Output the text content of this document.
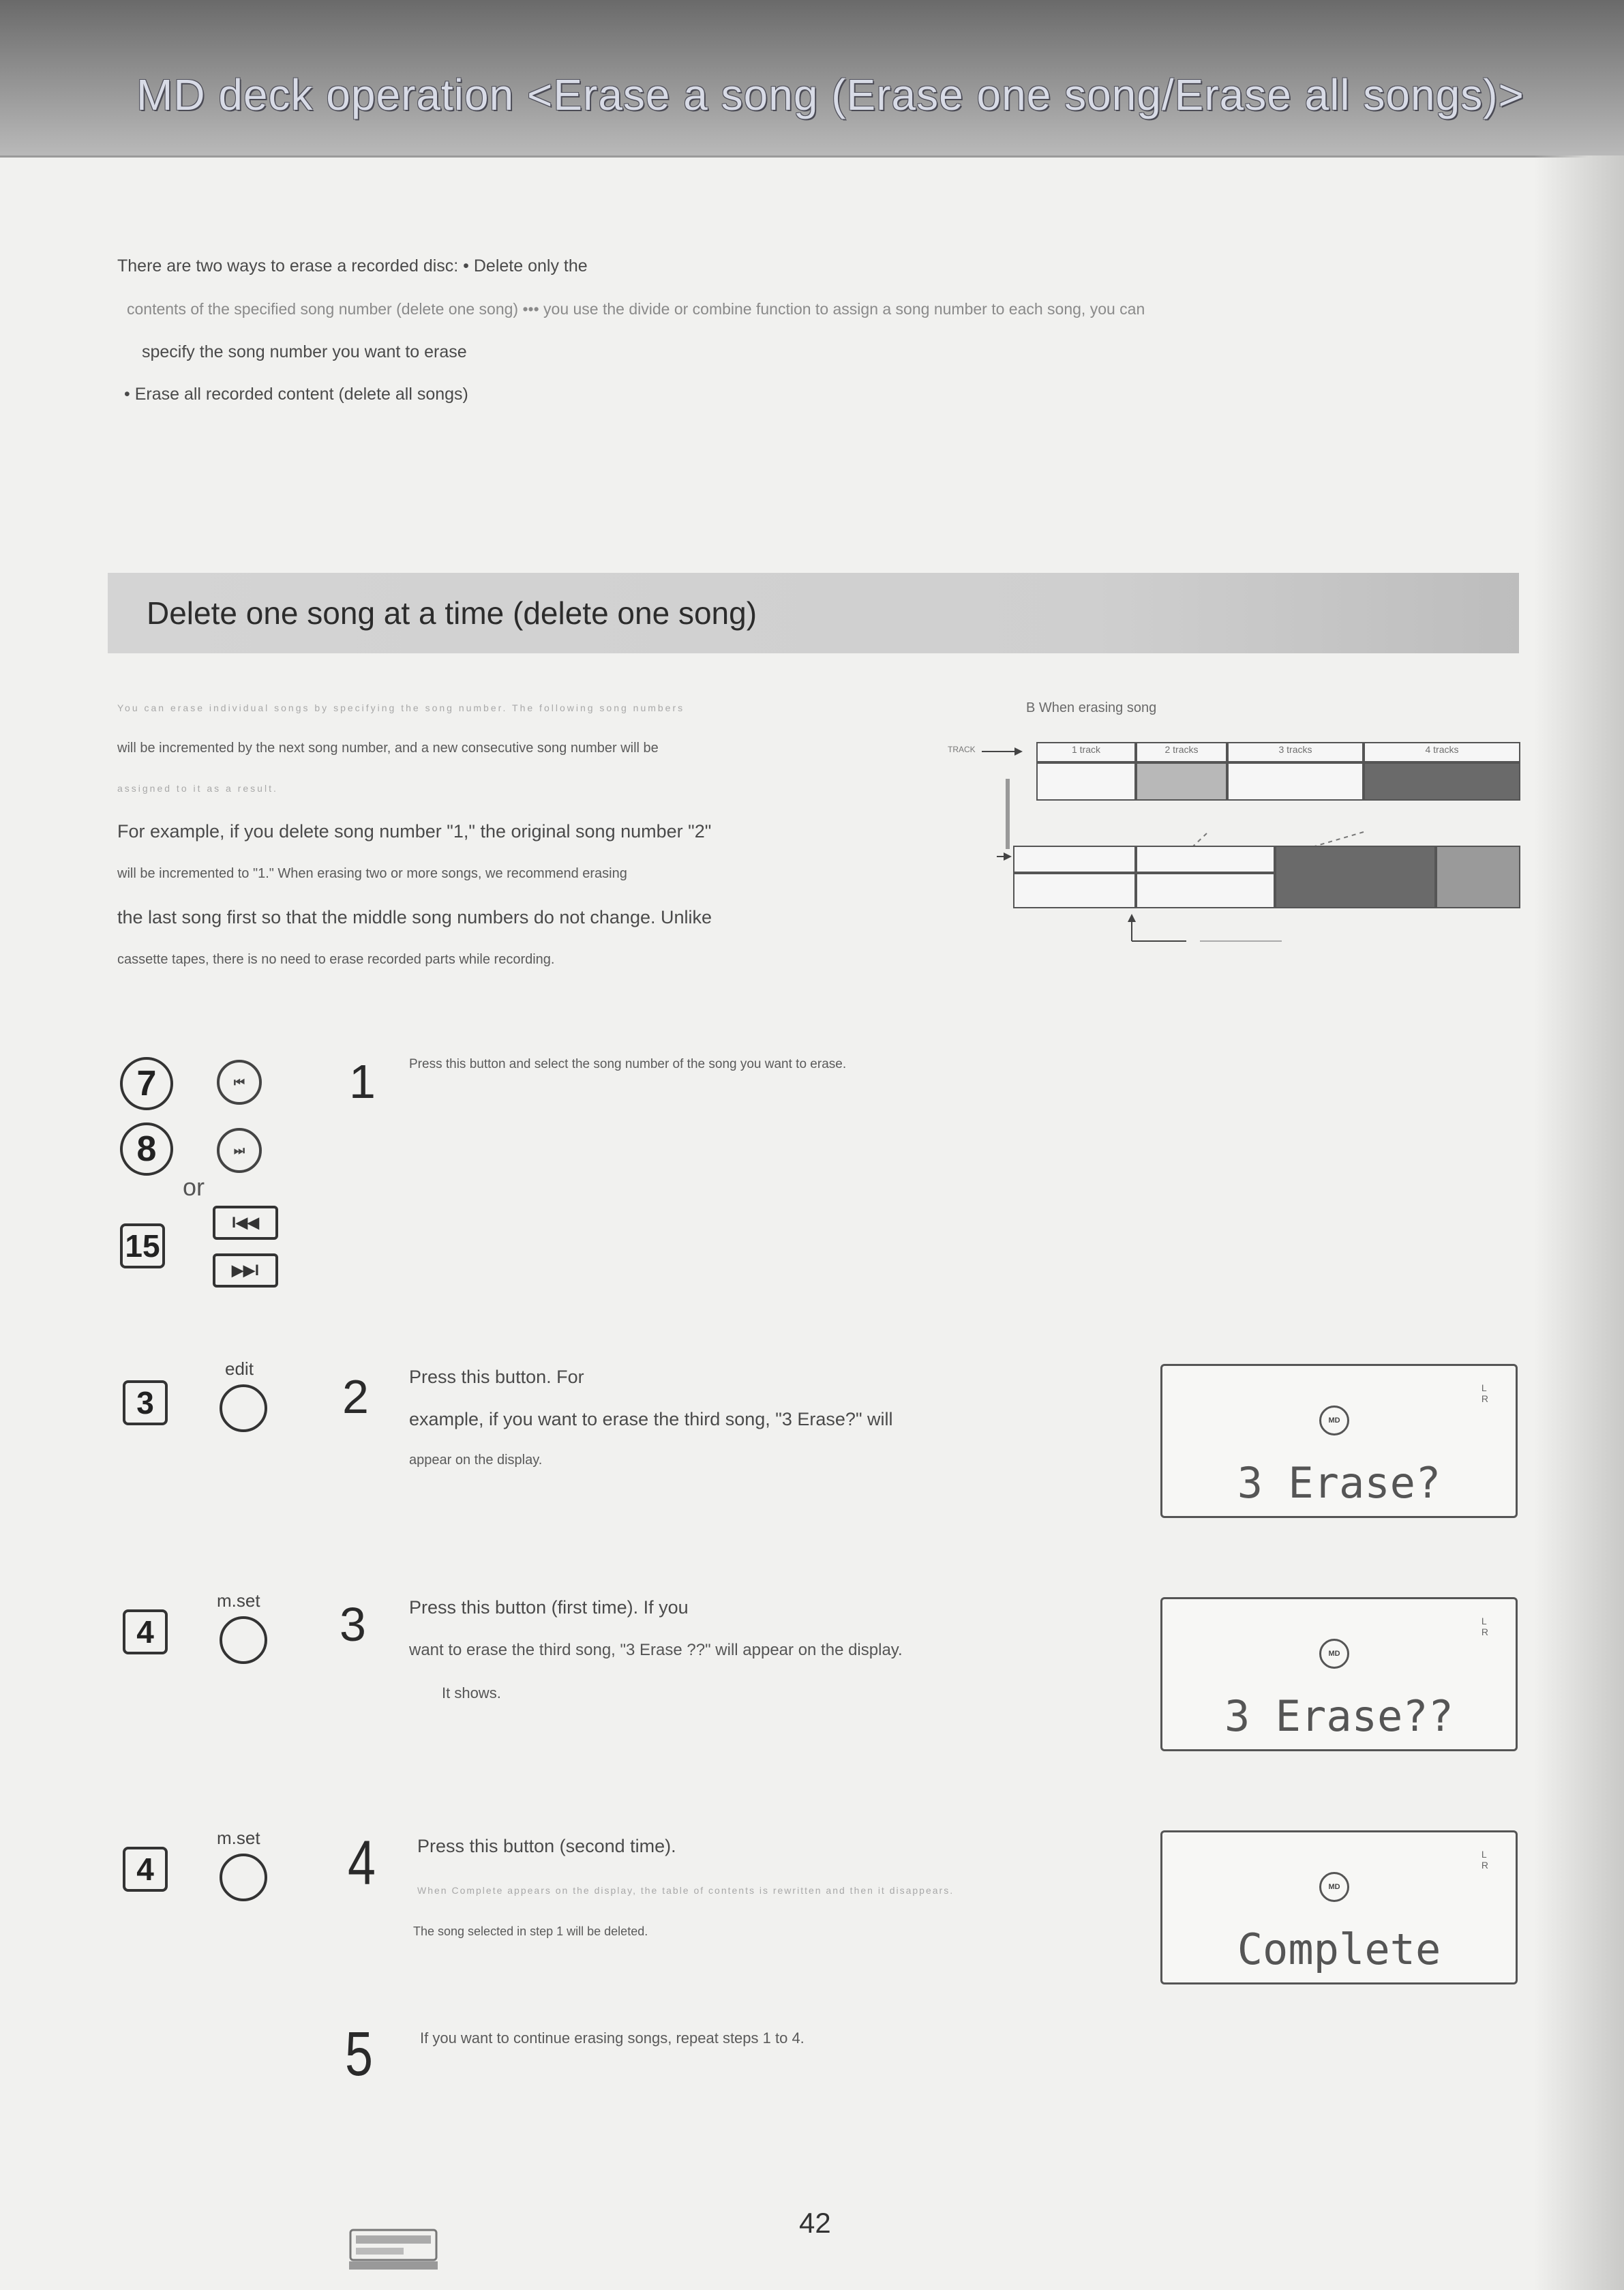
MD deck operation <Erase a song (Erase one song/Erase all songs)>
There are two ways to erase a recorded disc: • Delete only the
contents of the specified song number (delete one song) ••• you use the divide or combine function to assign a song number to each song, you can
specify the song number you want to erase
• Erase all recorded content (delete all songs)
Delete one song at a time (delete one song)
You can erase individual songs by specifying the song number. The following song numbers
will be incremented by the next song number, and a new consecutive song number will be
assigned to it as a result.
For example, if you delete song number "1," the original song number "2"
will be incremented to "1." When erasing two or more songs, we recommend erasing
the last song first so that the middle song numbers do not change. Unlike
cassette tapes, there is no need to erase recorded parts while recording.
B When erasing song
TRACK	1 track	2 tracks	3 tracks	4 tracks
7	⏮
8	⏭
or
15
I◀◀
▶▶I
1	Press this button and select the song number of the song you want to erase.
3
edit
2 Press this button. For
example, if you want to erase the third song, "3 Erase?" will
appear on the display.
4
m.set 3 Press this button (first time). If you
want to erase the third song, "3 Erase ??" will appear on the display.
It shows.
4
m.set 4 Press this button (second time).
When Complete appears on the display, the table of contents is rewritten and then it disappears.
The song selected in step 1 will be deleted.
5	If you want to continue erasing songs, repeat steps 1 to 4.
L
R
MD
3 Erase?
L
R
MD
3 Erase??
L
R
MD
Complete
42
